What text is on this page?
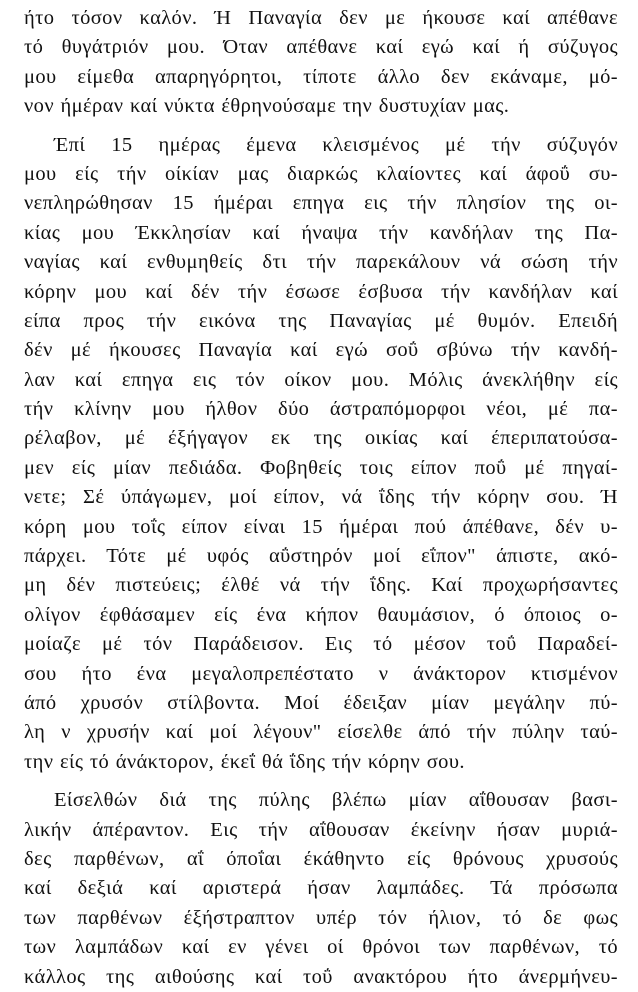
ήτο τόσον καλόν. Ή Παναγία δεν με ήκουσε καί απέθανε
τό θυγάτριόν μου. Όταν απέθανε καί εγώ καί ή σύζυγος
μου είμεθα απαρηγόρητοι, τίποτε άλλο δεν εκάναμε, μό-
νον ήμέραν καί νύκτα έθρηνούσαμε την δυστυχίαν μας.
Έπί 15 ημέρας έμενα κλεισμένος μέ τήν σύζυγόν
μου είς τήν οίκίαν μας διαρκώς κλαίοντες καί άφοΰ συ-
νεπληρώθησαν 15 ήμέραι επηγα εις τήν πλησίον της οι-
κίας μου Έκκλησίαν καί ήναψα τήν κανδήλαν της Πα-
ναγίας καί ενθυμηθείς δτι τήν παρεκάλουν νά σώση τήν
κόρην μου καί δέν τήν έσωσε έσβυσα τήν κανδήλαν καί
είπα προς τήν εικόνα της Παναγίας μέ θυμόν. Επειδή
δέν μέ ήκουσες Παναγία καί εγώ σοΰ σβύνω τήν κανδή-
λαν καί επηγα εις τόν οίκον μου. Μόλις άνεκλήθην είς
τήν κλίνην μου ήλθον δύο άστραπόμορφοι νέοι, μέ πα-
ρέλαβον, μέ έξήγαγον εκ της οικίας καί έπεριπατούσα-
μεν είς μίαν πεδιάδα. Φοβηθείς τοις είπον ποΰ μέ πηγαί-
νετε; Σέ ύπάγωμεν, μοί είπον, νά ΐδης τήν κόρην σου. Ή
κόρη μου τοΐς είπον είναι 15 ήμέραι πού άπέθανε, δέν υ-
πάρχει. Τότε μέ υφός αΰστηρόν μοί εΐπον" άπιστε, ακό-
μη δέν πιστεύεις; έλθέ νά τήν ΐδης. Καί προχωρήσαντες
ολίγον έφθάσαμεν είς ένα κήπον θαυμάσιον, ό όποιος ο-
μοίαζε μέ τόν Παράδεισον. Εις τό μέσον τοΰ Παραδεί-
σου ήτο ένα μεγαλοπρεπέστατο ν άνάκτορον κτισμένον
άπό χρυσόν στίλβοντα. Μοί έδειξαν μίαν μεγάλην πύ-
λη ν χρυσήν καί μοί λέγουν" είσελθε άπό τήν πύλην ταύ-
την είς τό άνάκτορον, έκεΐ θά ΐδης τήν κόρην σου.
Είσελθών διά της πύλης βλέπω μίαν αΐθουσαν βασι-
λικήν άπέραντον. Εις τήν αΐθουσαν έκείνην ήσαν μυριά-
δες παρθένων, αΐ όποΐαι έκάθηντο είς θρόνους χρυσούς
καί δεξιά καί αριστερά ήσαν λαμπάδες. Τά πρόσωπα
των παρθένων έξήστραπτον υπέρ τόν ήλιον, τό δε φως
των λαμπάδων καί εν γένει οί θρόνοι των παρθένων, τό
κάλλος της αιθούσης καί τοΰ ανακτόρου ήτο άνερμήνευ-
